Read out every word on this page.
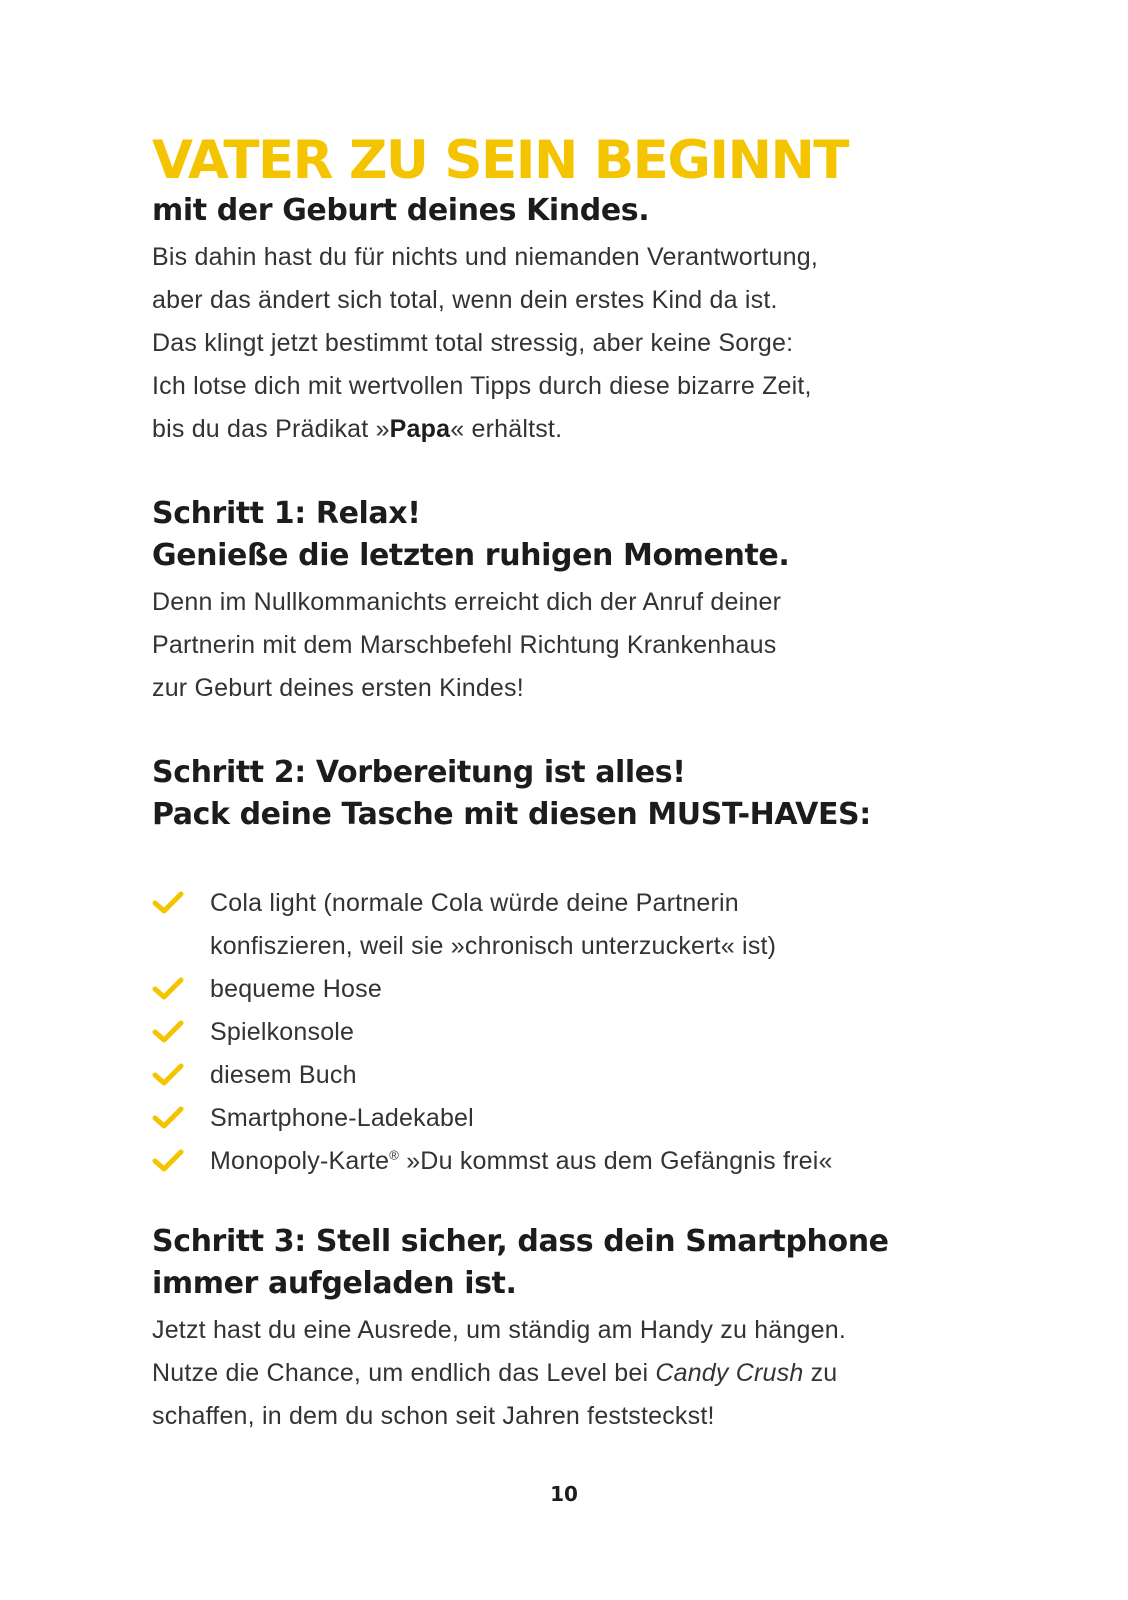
VATER ZU SEIN BEGINNT
mit der Geburt deines Kindes.

Bis dahin hast du für nichts und niemanden Verantwortung,
aber das ändert sich total, wenn dein erstes Kind da ist.
Das klingt jetzt bestimmt total stressig, aber keine Sorge:
Ich lotse dich mit wertvollen Tipps durch diese bizarre Zeit,
bis du das Prädikat »Papa« erhältst.

Schritt 1: Relax!
Genieße die letzten ruhigen Momente.

Denn im Nullkommanichts erreicht dich der Anruf deiner
Partnerin mit dem Marschbefehl Richtung Krankenhaus
zur Geburt deines ersten Kindes!

Schritt 2: Vorbereitung ist alles!
Pack deine Tasche mit diesen MUST-HAVES:
Cola light (normale Cola würde deine Partnerin
konfiszieren, weil sie »chronisch unterzuckert« ist)
bequeme Hose
Spielkonsole
diesem Buch
Smartphone-Ladekabel
Monopoly-Karte® »Du kommst aus dem Gefängnis frei«
Schritt 3: Stell sicher, dass dein Smartphone
immer aufgeladen ist.

Jetzt hast du eine Ausrede, um ständig am Handy zu hängen.
Nutze die Chance, um endlich das Level bei Candy Crush zu
schaffen, in dem du schon seit Jahren feststeckst!

10
